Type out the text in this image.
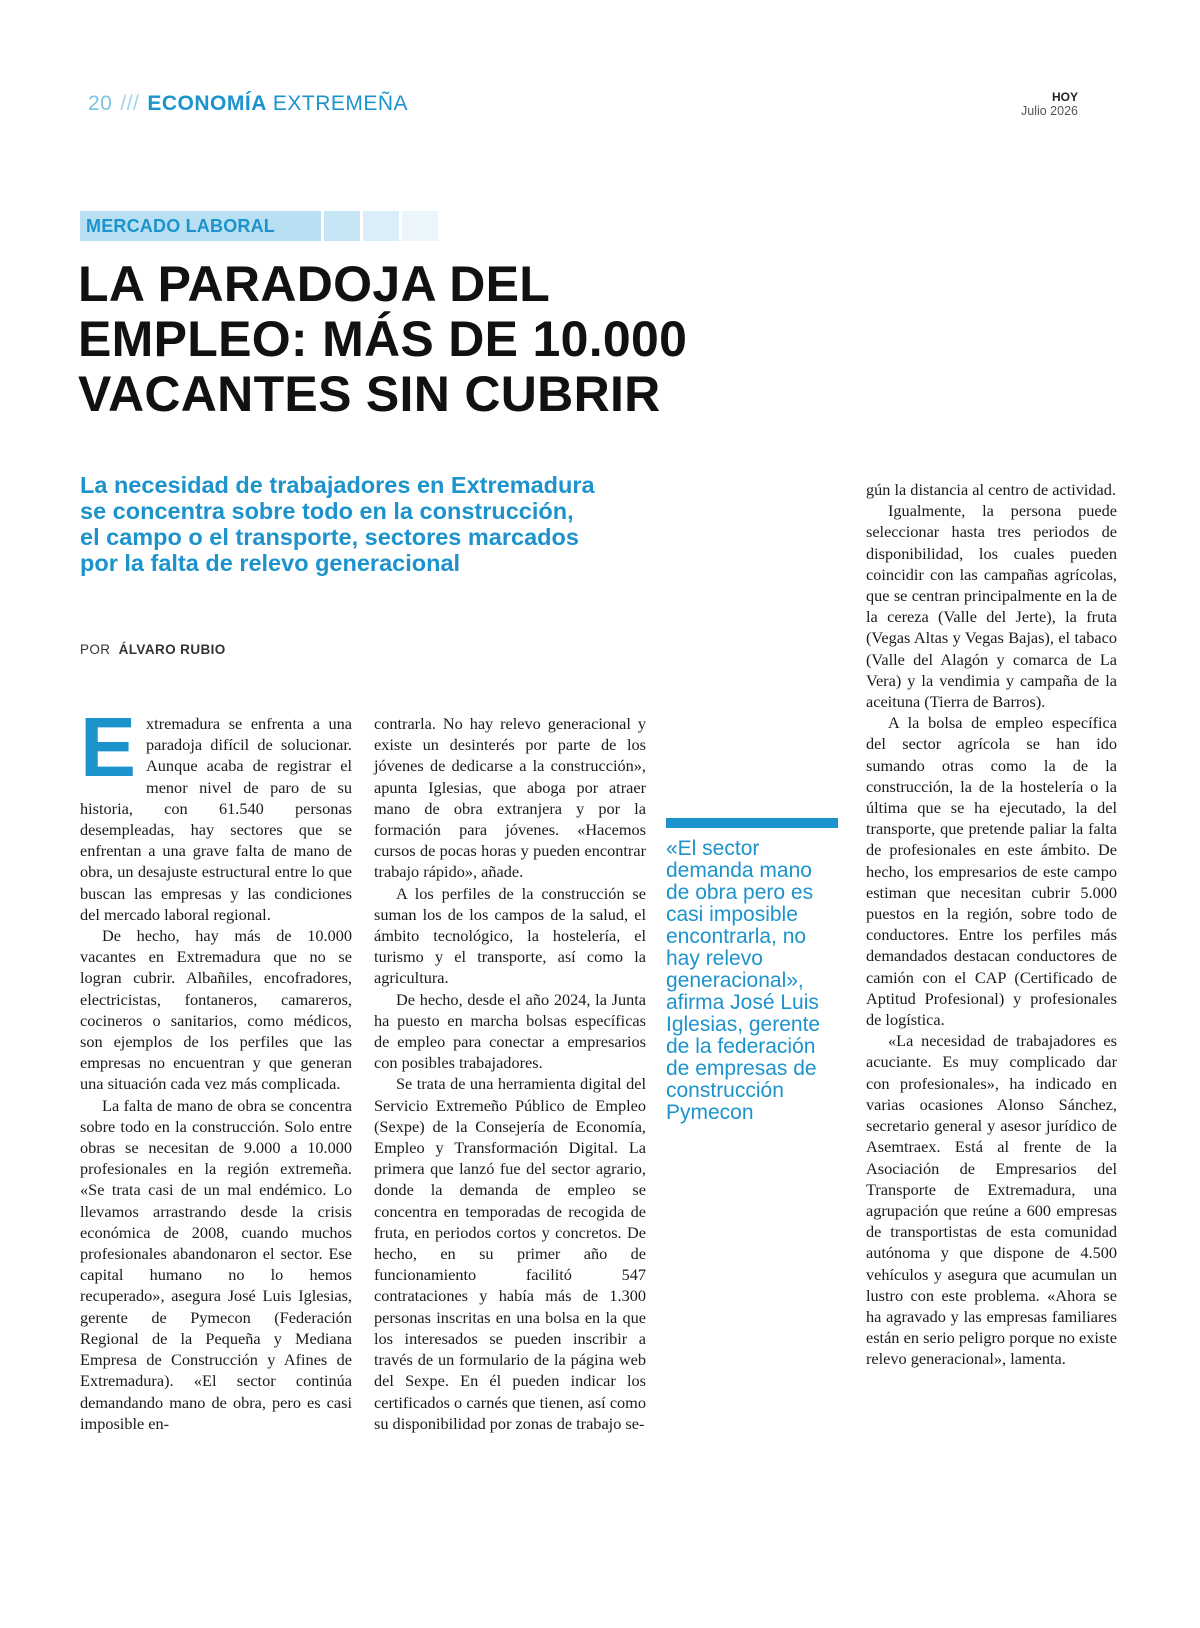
20 /// ECONOMÍA EXTREMEÑA	HOY
Julio 2026
MERCADO LABORAL
LA PARADOJA DEL
EMPLEO: MÁS DE 10.000
VACANTES SIN CUBRIR
La necesidad de trabajadores en Extremadura
se concentra sobre todo en la construcción,
el campo o el transporte, sectores marcados
por la falta de relevo generacional
POR ÁLVARO RUBIO

Extremadura se enfrenta a una paradoja difícil de solucionar. Aunque acaba de registrar el menor nivel de paro de su historia, con 61.540 personas desempleadas, hay sectores que se enfrentan a una grave falta de mano de obra, un desajuste estructural entre lo que buscan las empresas y las condiciones del mercado laboral regional.

De hecho, hay más de 10.000 vacantes en Extremadura que no se logran cubrir. Albañiles, encofradores, electricistas, fontaneros, camareros, cocineros o sanitarios, como médicos, son ejemplos de los perfiles que las empresas no encuentran y que generan una situación cada vez más complicada.

La falta de mano de obra se concentra sobre todo en la construcción. Solo entre obras se necesitan de 9.000 a 10.000 profesionales en la región extremeña. «Se trata casi de un mal endémico. Lo llevamos arrastrando desde la crisis económica de 2008, cuando muchos profesionales abandonaron el sector. Ese capital humano no lo hemos recuperado», asegura José Luis Iglesias, gerente de Pymecon (Federación Regional de la Pequeña y Mediana Empresa de Construcción y Afines de Extremadura). «El sector continúa demandando mano de obra, pero es casi imposible en-

contrarla. No hay relevo generacional y existe un desinterés por parte de los jóvenes de dedicarse a la construcción», apunta Iglesias, que aboga por atraer mano de obra extranjera y por la formación para jóvenes. «Hacemos cursos de pocas horas y pueden encontrar trabajo rápido», añade.

A los perfiles de la construcción se suman los de los campos de la salud, el ámbito tecnológico, la hostelería, el turismo y el transporte, así como la agricultura.

De hecho, desde el año 2024, la Junta ha puesto en marcha bolsas específicas de empleo para conectar a empresarios con posibles trabajadores.

Se trata de una herramienta digital del Servicio Extremeño Público de Empleo (Sexpe) de la Consejería de Economía, Empleo y Transformación Digital. La primera que lanzó fue del sector agrario, donde la demanda de empleo se concentra en temporadas de recogida de fruta, en periodos cortos y concretos. De hecho, en su primer año de funcionamiento facilitó 547 contrataciones y había más de 1.300 personas inscritas en una bolsa en la que los interesados se pueden inscribir a través de un formulario de la página web del Sexpe. En él pueden indicar los certificados o carnés que tienen, así como su disponibilidad por zonas de trabajo se-

«El sector
demanda mano
de obra pero es
casi imposible
encontrarla, no
hay relevo
generacional»,
afirma José Luis
Iglesias, gerente
de la federación
de empresas de
construcción
Pymecon

gún la distancia al centro de actividad.

Igualmente, la persona puede seleccionar hasta tres periodos de disponibilidad, los cuales pueden coincidir con las campañas agrícolas, que se centran principalmente en la de la cereza (Valle del Jerte), la fruta (Vegas Altas y Vegas Bajas), el tabaco (Valle del Alagón y comarca de La Vera) y la vendimia y campaña de la aceituna (Tierra de Barros).

A la bolsa de empleo específica del sector agrícola se han ido sumando otras como la de la construcción, la de la hostelería o la última que se ha ejecutado, la del transporte, que pretende paliar la falta de profesionales en este ámbito. De hecho, los empresarios de este campo estiman que necesitan cubrir 5.000 puestos en la región, sobre todo de conductores. Entre los perfiles más demandados destacan conductores de camión con el CAP (Certificado de Aptitud Profesional) y profesionales de logística.

«La necesidad de trabajadores es acuciante. Es muy complicado dar con profesionales», ha indicado en varias ocasiones Alonso Sánchez, secretario general y asesor jurídico de Asemtraex. Está al frente de la Asociación de Empresarios del Transporte de Extremadura, una agrupación que reúne a 600 empresas de transportistas de esta comunidad autónoma y que dispone de 4.500 vehículos y asegura que acumulan un lustro con este problema. «Ahora se ha agravado y las empresas familiares están en serio peligro porque no existe relevo generacional», lamenta.
